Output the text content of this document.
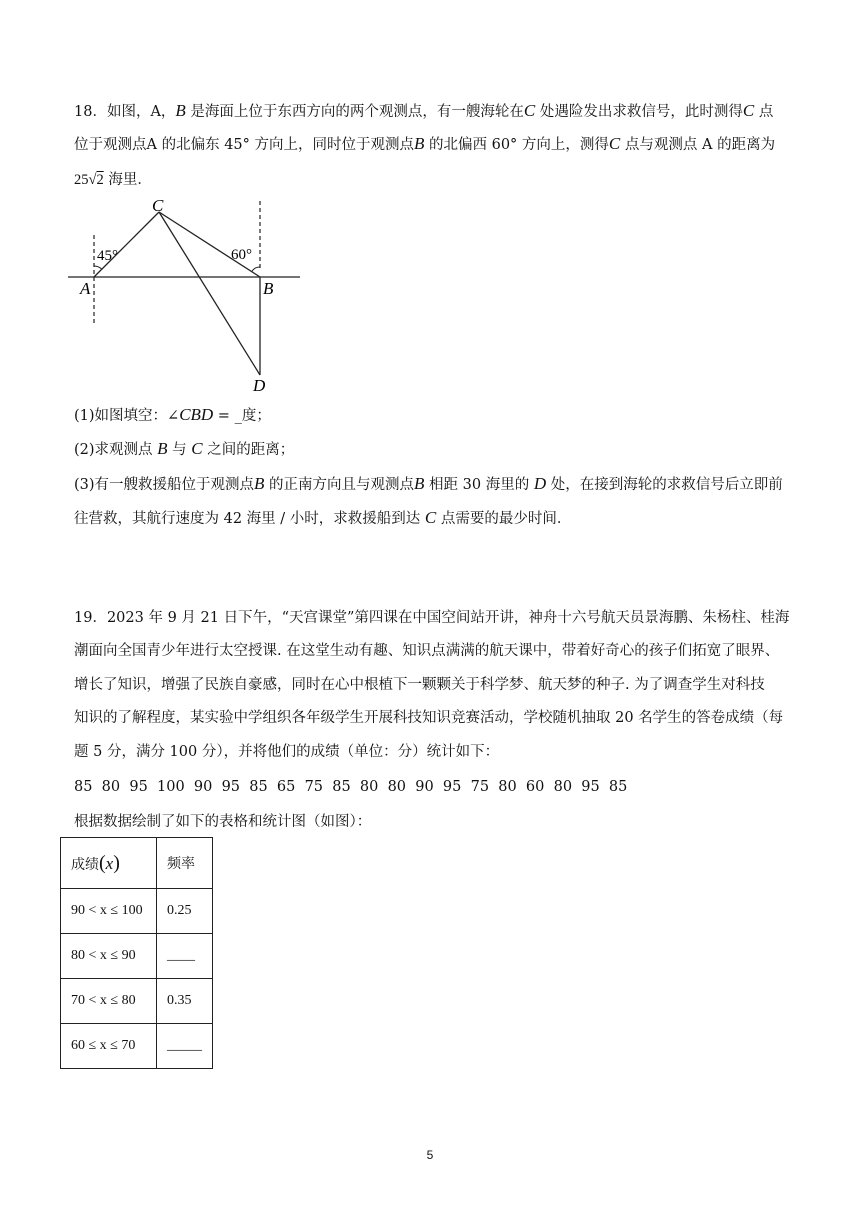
18．如图，A，B 是海面上位于东西方向的两个观测点，有一艘海轮在C 处遇险发出求救信号，此时测得C 点
位于观测点A 的北偏东 45° 方向上，同时位于观测点B 的北偏西 60° 方向上，测得C 点与观测点 A 的距离为
25√2 海里．
C
A	B
D
45°	60°
(1)如图填空：∠CBD = _度；
(2)求观测点 B 与 C 之间的距离；
(3)有一艘救援船位于观测点B 的正南方向且与观测点B 相距 30 海里的 D 处，在接到海轮的求救信号后立即前
往营救，其航行速度为 42 海里 / 小时，求救援船到达 C 点需要的最少时间．
19．2023 年 9 月 21 日下午，“天宫课堂”第四课在中国空间站开讲，神舟十六号航天员景海鹏、朱杨柱、桂海
潮面向全国青少年进行太空授课. 在这堂生动有趣、知识点满满的航天课中，带着好奇心的孩子们拓宽了眼界、
增长了知识，增强了民族自豪感，同时在心中根植下一颗颗关于科学梦、航天梦的种子. 为了调查学生对科技
知识的了解程度，某实验中学组织各年级学生开展科技知识竞赛活动，学校随机抽取 20 名学生的答卷成绩（每
题 5 分，满分 100 分），并将他们的成绩（单位：分）统计如下：
85  80  95  100  90  95  85  65  75  85  80  80  90  95  75  80  60  80  95  85
根据数据绘制了如下的表格和统计图（如图）：
成绩(x)	频率
90 < x ≤ 100	0.25
80 < x ≤ 90	____
70 < x ≤ 80	0.35
60 ≤ x ≤ 70	_____
5
